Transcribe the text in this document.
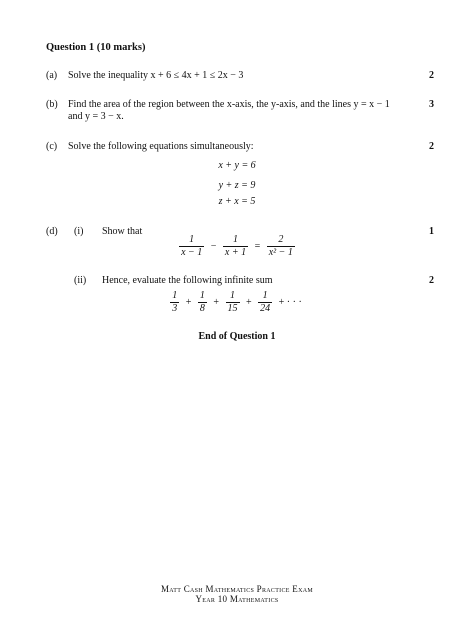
Question 1 (10 marks)
(a)	Solve the inequality x + 6 ≤ 4x + 1 ≤ 2x − 3	2
(b)	Find the area of the region between the x-axis, the y-axis, and the lines y = x − 1
and y = 3 − x.
3
(c)	Solve the following equations simultaneously:	2
x + y = 6
y + z = 9
z + x = 5
(d)	(i)	Show that	1
$\frac{1}{x - 1} - \frac{1}{x + 1} = \frac{2}{\text{x² − 1}}$
(ii)	Hence, evaluate the following infinite sum	2
$\frac{1}{3} + \frac{1}{8} + \frac{1}{15} + \frac{1}{24}$ + · · ·
End of Question 1
Matt Cash Mathematics Practice Exam
Year 10 Mathematics
